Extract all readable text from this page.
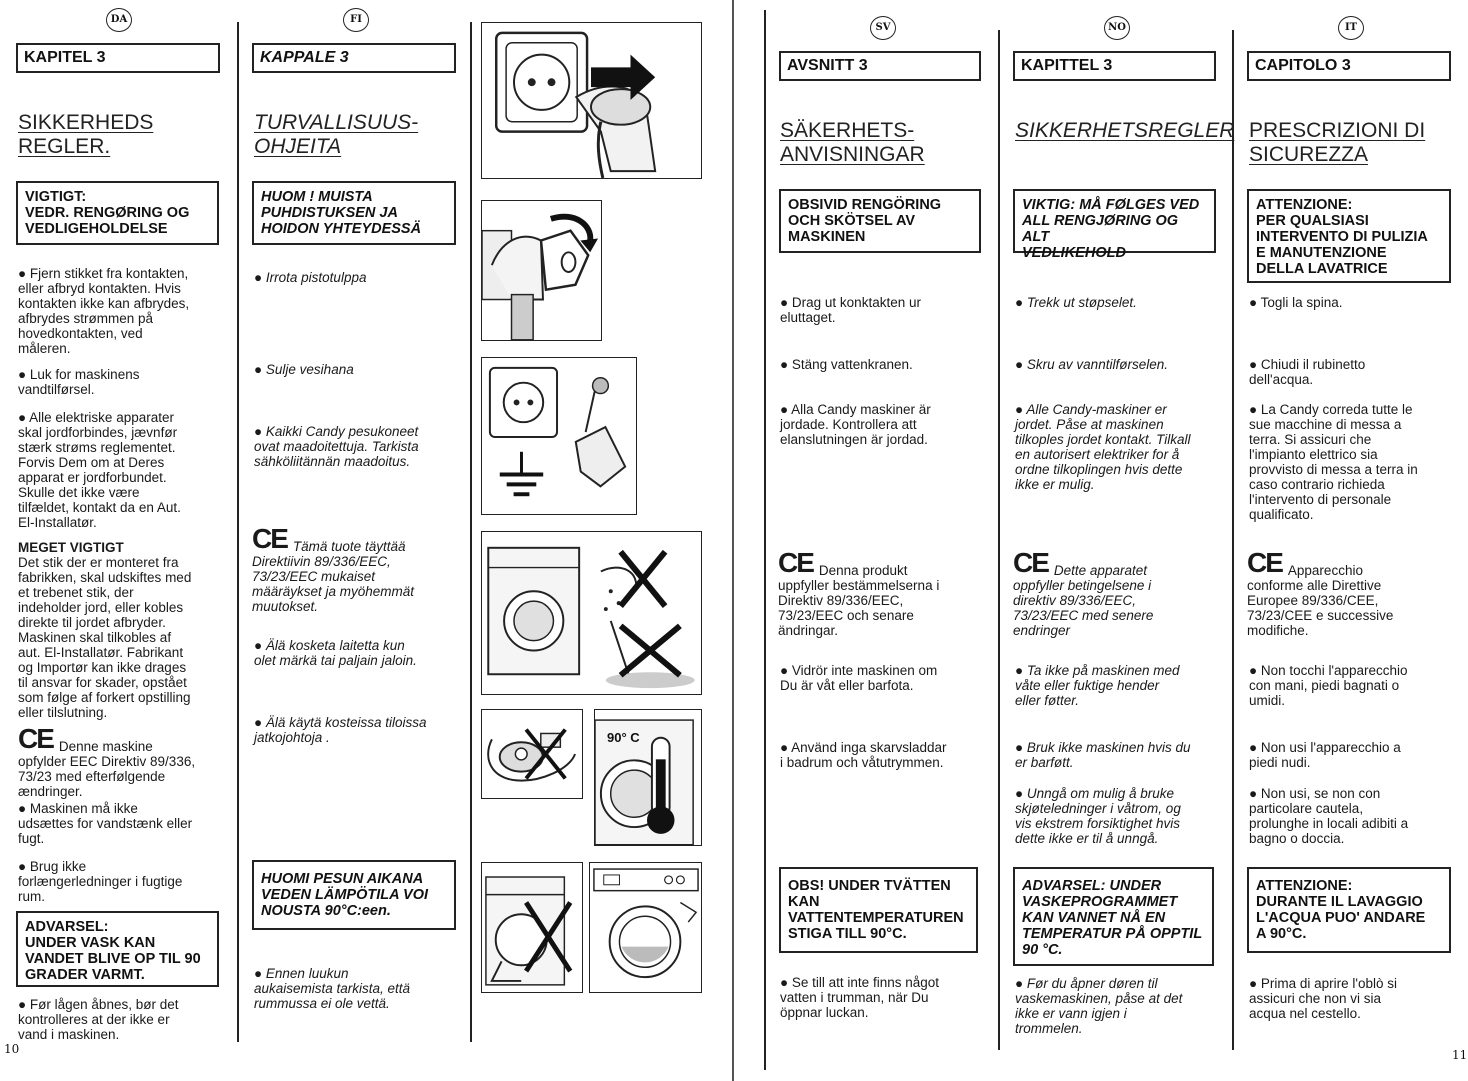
DA	FI
SV	NO	IT
KAPITEL 3
SIKKERHEDS
REGLER.
VIGTIGT:
VEDR. RENGØRING OG
VEDLIGEHOLDELSE
● Fjern stikket fra kontakten,
eller afbryd kontakten. Hvis
kontakten ikke kan afbrydes,
afbrydes strømmen på
hovedkontakten, ved
måleren.
● Luk for maskinens
vandtilførsel.
● Alle elektriske apparater
skal jordforbindes, jævnfør
stærk strøms reglementet.
Forvis Dem om at Deres
apparat er jordforbundet.
Skulle det ikke være
tilfældet, kontakt da en Aut.
El-Installatør.
MEGET VIGTIGT
Det stik der er monteret fra
fabrikken, skal udskiftes med
et trebenet stik, der
indeholder jord, eller kobles
direkte til jordet afbryder.
Maskinen skal tilkobles af
aut. El-Installatør. Fabrikant
og Importør kan ikke drages
til ansvar for skader, opstået
som følge af forkert opstilling
eller tilslutning.

CE Denne maskine
opfylder EEC Direktiv 89/336,
73/23 med efterfølgende
ændringer.

● Maskinen må ikke
udsættes for vandstænk eller
fugt.
● Brug ikke
forlængerledninger i fugtige
rum.
ADVARSEL:
UNDER VASK KAN
VANDET BLIVE OP TIL 90
GRADER VARMT.
● Før lågen åbnes, bør det
kontrolleres at der ikke er
vand i maskinen.
KAPPALE 3
TURVALLISUUS-
OHJEITA
HUOM ! MUISTA
PUHDISTUKSEN JA
HOIDON YHTEYDESSÄ
● Irrota pistotulppa
● Sulje vesihana
● Kaikki Candy pesukoneet
ovat maadoitettuja. Tarkista
sähköliitännän maadoitus.

CE Tämä tuote täyttää
Direktiivin 89/336/EEC,
73/23/EEC mukaiset
määräykset ja myöhemmät
muutokset.

● Älä kosketa laitetta kun
olet märkä tai paljain jaloin.
● Älä käytä kosteissa tiloissa
jatkojohtoja .
HUOMI PESUN AIKANA
VEDEN LÄMPÖTILA VOI
NOUSTA 90°C:een.
● Ennen luukun
aukaisemista tarkista, että
rummussa ei ole vettä.
90° C
AVSNITT 3
SÄKERHETS-
ANVISNINGAR
OBSIVID RENGÖRING
OCH SKÖTSEL AV
MASKINEN
● Drag ut konktakten ur
eluttaget.
● Stäng vattenkranen.
● Alla Candy maskiner är
jordade. Kontrollera att
elanslutningen är jordad.

CE Denna produkt
uppfyller bestämmelserna i
Direktiv 89/336/EEC,
73/23/EEC och senare
ändringar.

● Vidrör inte maskinen om
Du är våt eller barfota.
● Använd inga skarvsladdar
i badrum och våtutrymmen.
OBS! UNDER TVÄTTEN
KAN
VATTENTEMPERATUREN
STIGA TILL 90°C.
● Se till att inte finns något
vatten i trumman, när Du
öppnar luckan.
KAPITTEL 3
SIKKERHETSREGLER
VIKTIG: MÅ FØLGES VED
ALL RENGJØRING OG ALT
VEDLIKEHOLD
● Trekk ut støpselet.
● Skru av vanntilførselen.
● Alle Candy-maskiner er
jordet. Påse at maskinen
tilkoples jordet kontakt. Tilkall
en autorisert elektriker for å
ordne tilkoplingen hvis dette
ikke er mulig.

CE Dette apparatet
oppfyller betingelsene i
direktiv 89/336/EEC,
73/23/EEC med senere
endringer

● Ta ikke på maskinen med
våte eller fuktige hender
eller føtter.
● Bruk ikke maskinen hvis du
er barføtt.
● Unngå om mulig å bruke
skjøteledninger i våtrom, og
vis ekstrem forsiktighet hvis
dette ikke er til å unngå.
ADVARSEL: UNDER
VASKEPROGRAMMET
KAN VANNET NÅ EN
TEMPERATUR PÅ OPPTIL
90 °C.
● Før du åpner døren til
vaskemaskinen, påse at det
ikke er vann igjen i
trommelen.
CAPITOLO 3
PRESCRIZIONI DI
SICUREZZA
ATTENZIONE:
PER QUALSIASI
INTERVENTO DI PULIZIA
E MANUTENZIONE
DELLA LAVATRICE
● Togli la spina.
● Chiudi il rubinetto
dell'acqua.
● La Candy correda tutte le
sue macchine di messa a
terra. Si assicuri che
l'impianto elettrico sia
provvisto di messa a terra in
caso contrario richieda
l'intervento di personale
qualificato.

CE Apparecchio
conforme alle Direttive
Europee 89/336/CEE,
73/23/CEE e successive
modifiche.

● Non tocchi l'apparecchio
con mani, piedi bagnati o
umidi.
● Non usi l'apparecchio a
piedi nudi.
● Non usi, se non con
particolare cautela,
prolunghe in locali adibiti a
bagno o doccia.
ATTENZIONE:
DURANTE IL LAVAGGIO
L'ACQUA PUO' ANDARE
A 90°C.
● Prima di aprire l'oblò si
assicuri che non vi sia
acqua nel cestello.
10	11
